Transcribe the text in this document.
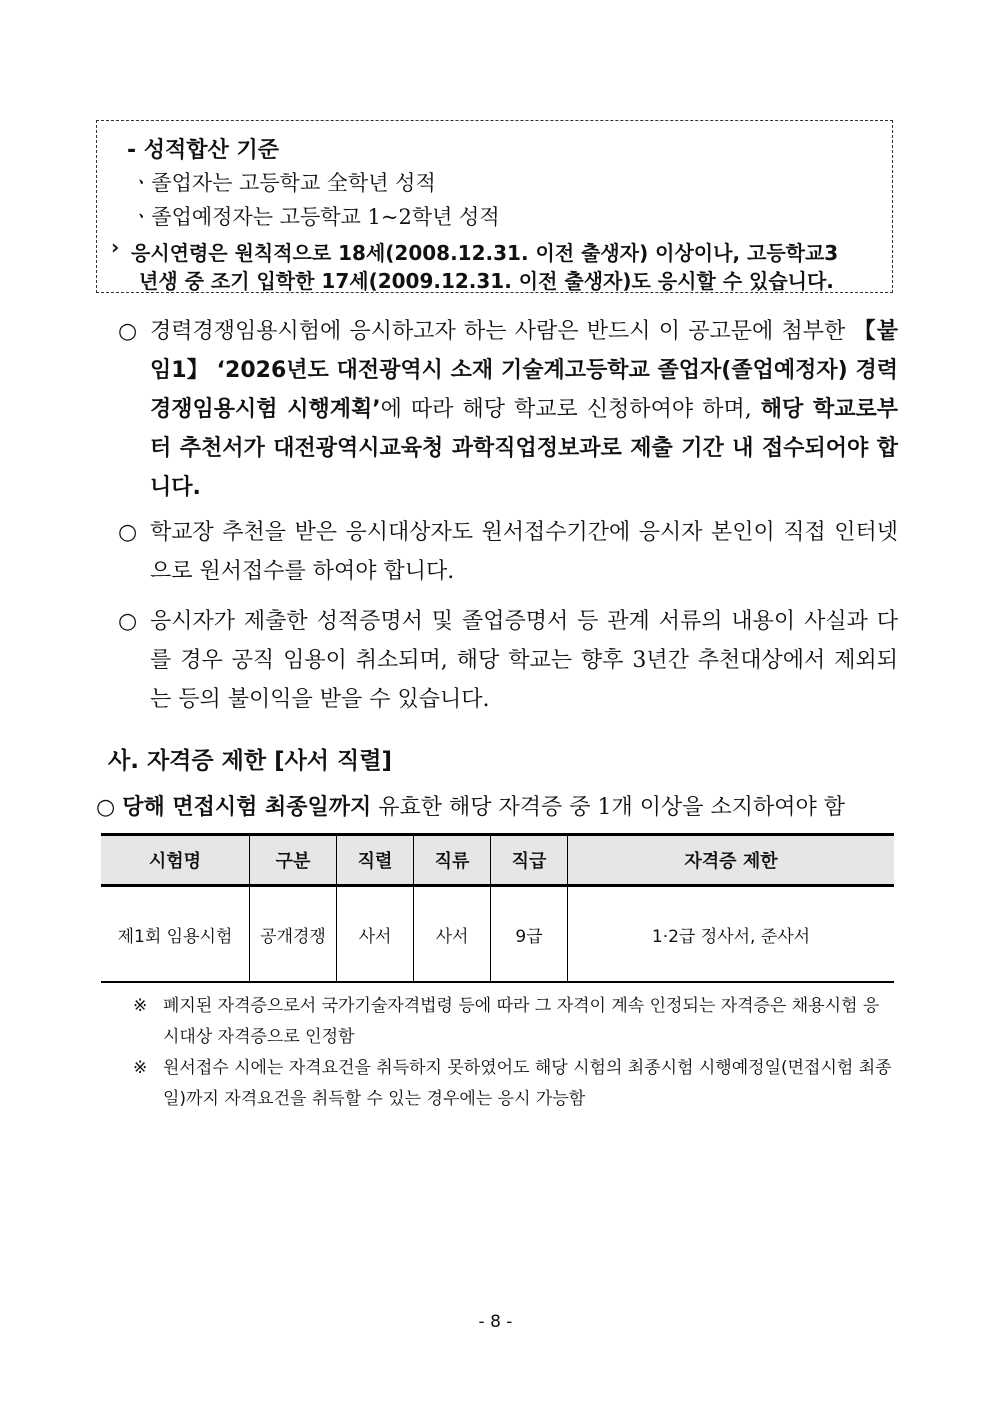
- 성적합산 기준
ㆍ졸업자는 고등학교 全학년 성적
ㆍ졸업예정자는 고등학교 1~2학년 성적
› 응시연령은 원칙적으로 18세(2008.12.31. 이전 출생자) 이상이나, 고등학교3
년생 중 조기 입학한 17세(2009.12.31. 이전 출생자)도 응시할 수 있습니다.
○ 경력경쟁임용시험에 응시하고자 하는 사람은 반드시 이 공고문에 첨부한 【붙임1】 ‘2026년도 대전광역시 소재 기술계고등학교 졸업자(졸업예정자) 경력경쟁임용시험 시행계획’에 따라 해당 학교로 신청하여야 하며, 해당 학교로부터 추천서가 대전광역시교육청 과학직업정보과로 제출 기간 내 접수되어야 합니다.
○ 학교장 추천을 받은 응시대상자도 원서접수기간에 응시자 본인이 직접 인터넷으로 원서접수를 하여야 합니다.
○ 응시자가 제출한 성적증명서 및 졸업증명서 등 관계 서류의 내용이 사실과 다를 경우 공직 임용이 취소되며, 해당 학교는 향후 3년간 추천대상에서 제외되는 등의 불이익을 받을 수 있습니다.
사. 자격증 제한 [사서 직렬]
○ 당해 면접시험 최종일까지 유효한 해당 자격증 중 1개 이상을 소지하여야 함
시험명	구분	직렬	직류	직급	자격증 제한
제1회 임용시험	공개경쟁	사서	사서	9급	1·2급 정사서, 준사서
※ 폐지된 자격증으로서 국가기술자격법령 등에 따라 그 자격이 계속 인정되는 자격증은 채용시험 응시대상 자격증으로 인정함
※ 원서접수 시에는 자격요건을 취득하지 못하였어도 해당 시험의 최종시험 시행예정일(면접시험 최종일)까지 자격요건을 취득할 수 있는 경우에는 응시 가능함
- 8 -
